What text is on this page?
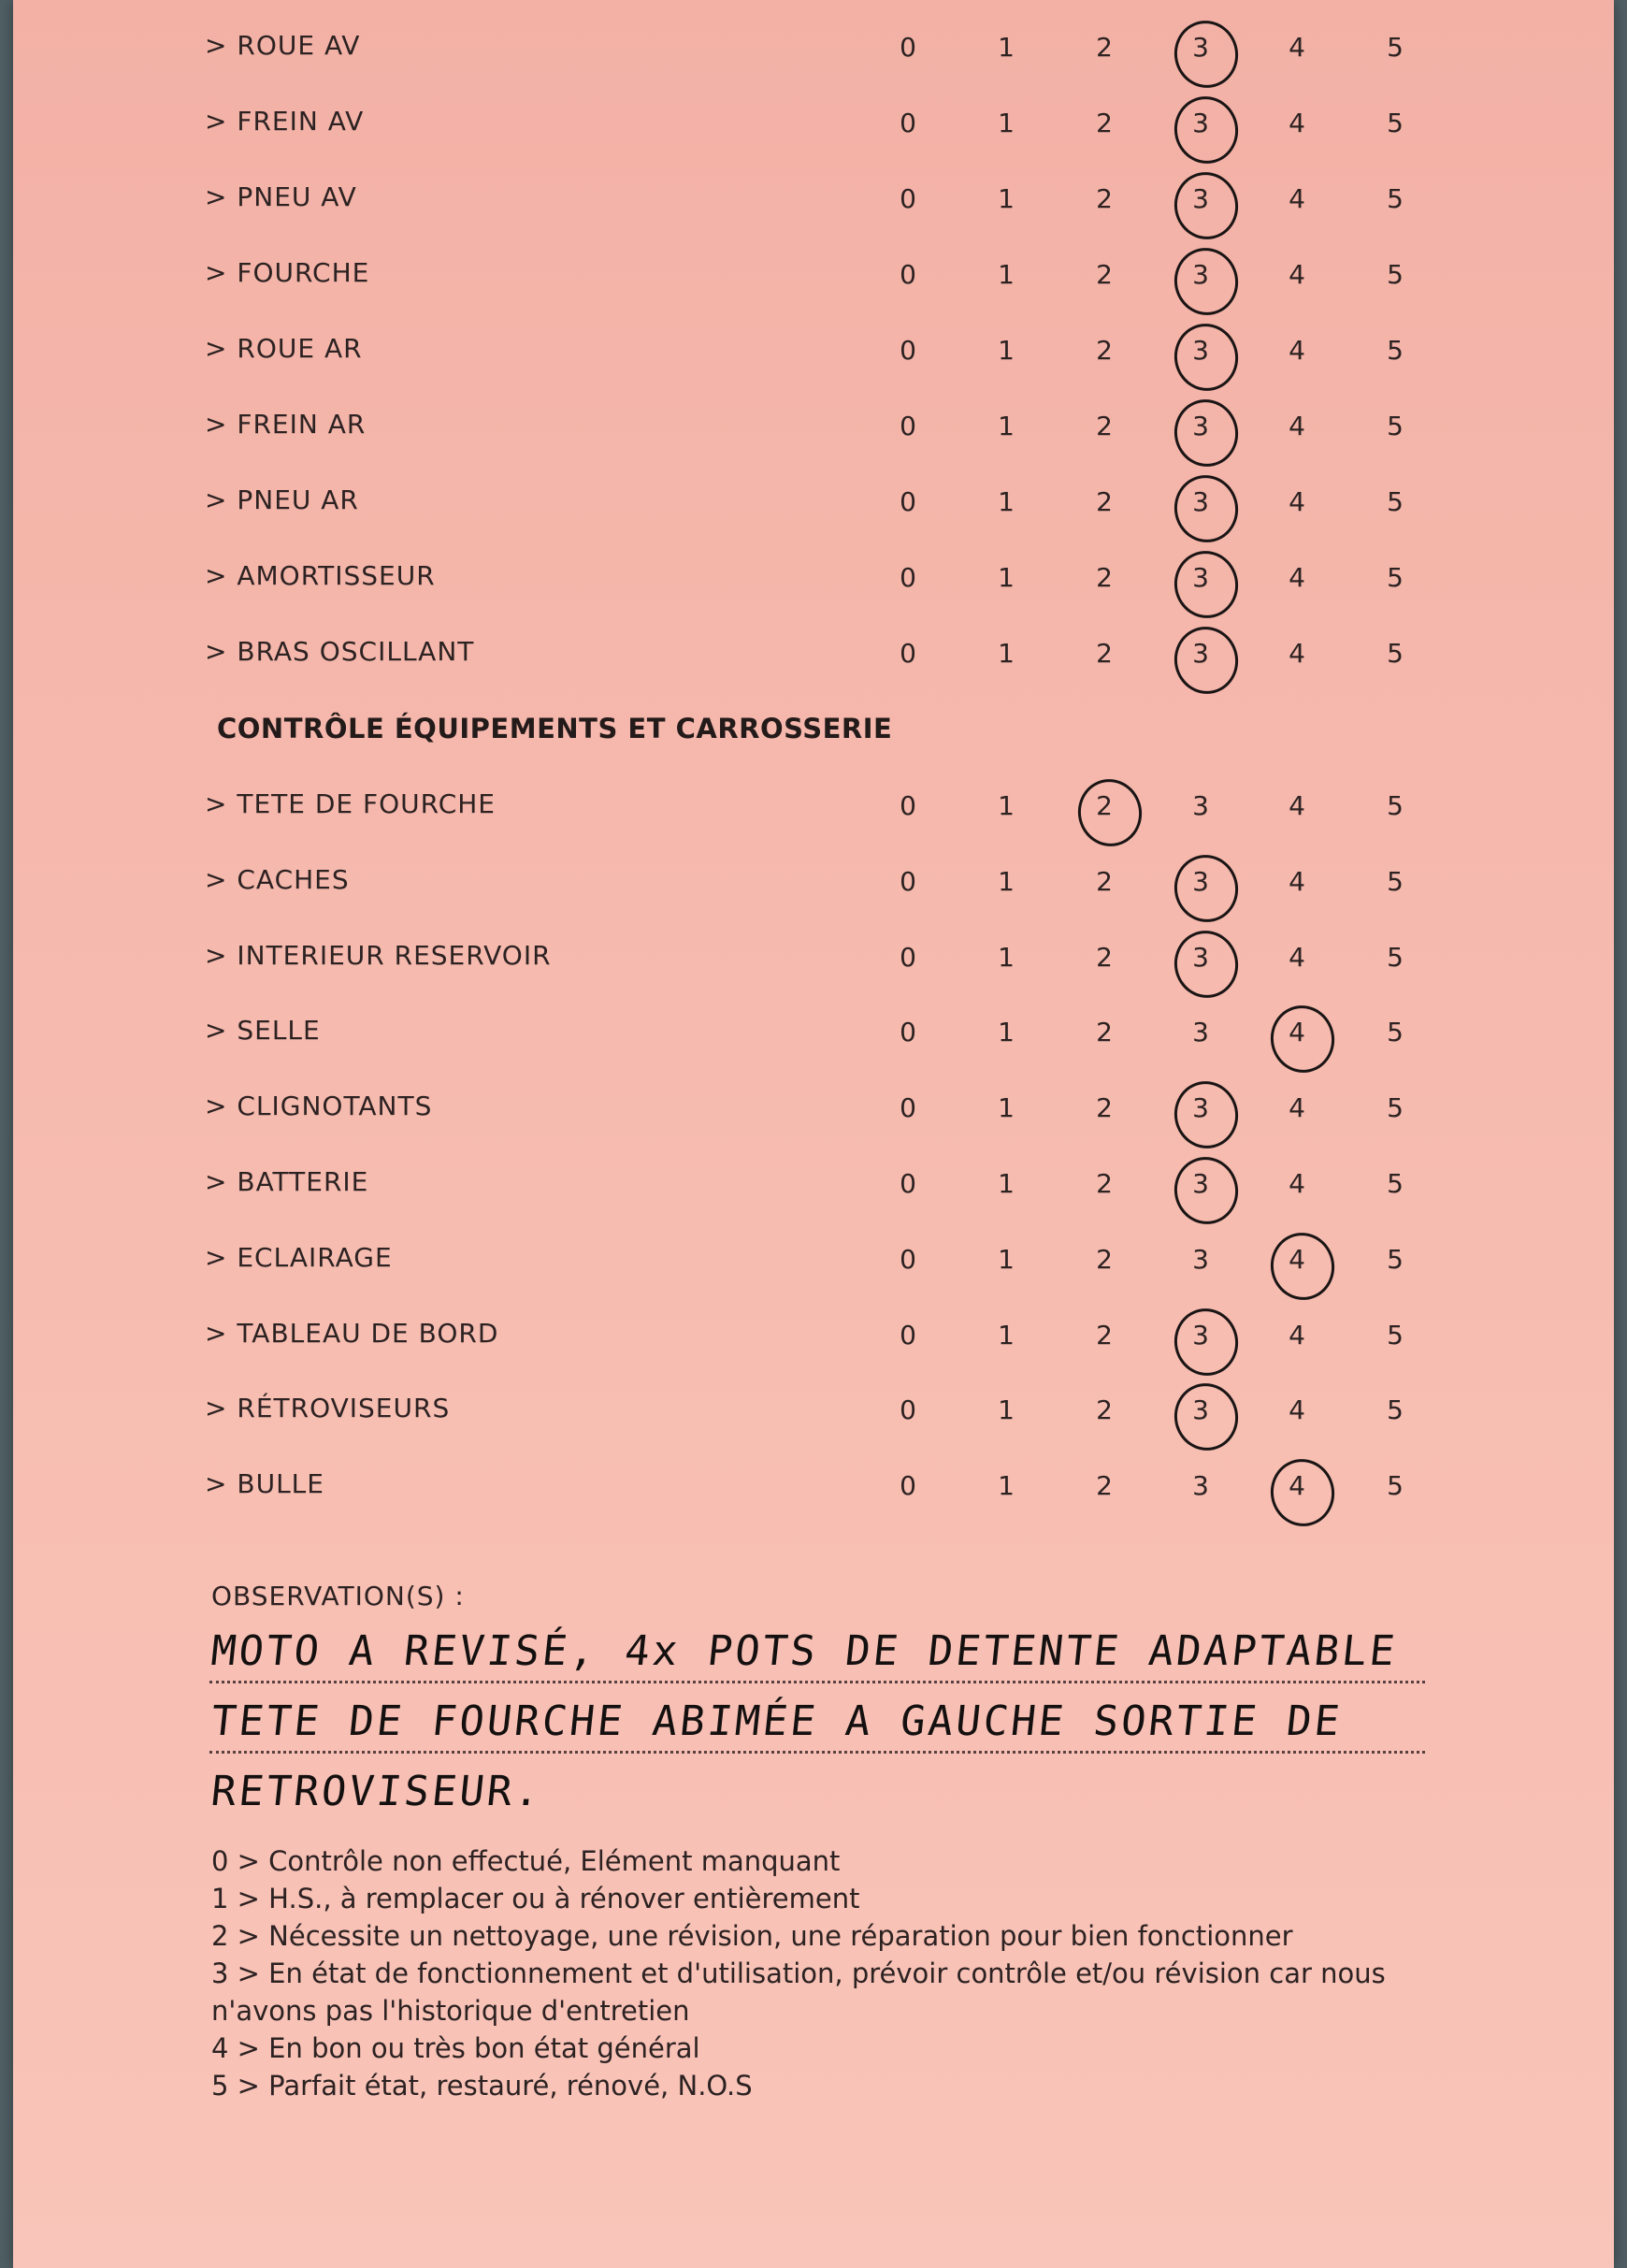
> ROUE AV	0	1	2	3	4	5
> FREIN AV	0	1	2	3	4	5
> PNEU AV	0	1	2	3	4	5
> FOURCHE	0	1	2	3	4	5
> ROUE AR	0	1	2	3	4	5
> FREIN AR	0	1	2	3	4	5
> PNEU AR	0	1	2	3	4	5
> AMORTISSEUR	0	1	2	3	4	5
> BRAS OSCILLANT	0	1	2	3	4	5
CONTRÔLE ÉQUIPEMENTS ET CARROSSERIE
> TETE DE FOURCHE	0	1	2	3	4	5
> CACHES	0	1	2	3	4	5
> INTERIEUR RESERVOIR	0	1	2	3	4	5
> SELLE	0	1	2	3	4	5
> CLIGNOTANTS	0	1	2	3	4	5
> BATTERIE	0	1	2	3	4	5
> ECLAIRAGE	0	1	2	3	4	5
> TABLEAU DE BORD	0	1	2	3	4	5
> RÉTROVISEURS	0	1	2	3	4	5
> BULLE	0	1	2	3	4	5
OBSERVATION(S) :
MOTO A REVISÉ, 4x POTS DE DETENTE ADAPTABLE
TETE DE FOURCHE ABIMÉE A GAUCHE SORTIE DE
RETROVISEUR.
0 > Contrôle non effectué, Elément manquant
1 > H.S., à remplacer ou à rénover entièrement
2 > Nécessite un nettoyage, une révision, une réparation pour bien fonctionner
3 > En état de fonctionnement et d'utilisation, prévoir contrôle et/ou révision car nous n'avons pas l'historique d'entretien
4 > En bon ou très bon état général
5 > Parfait état, restauré, rénové, N.O.S
